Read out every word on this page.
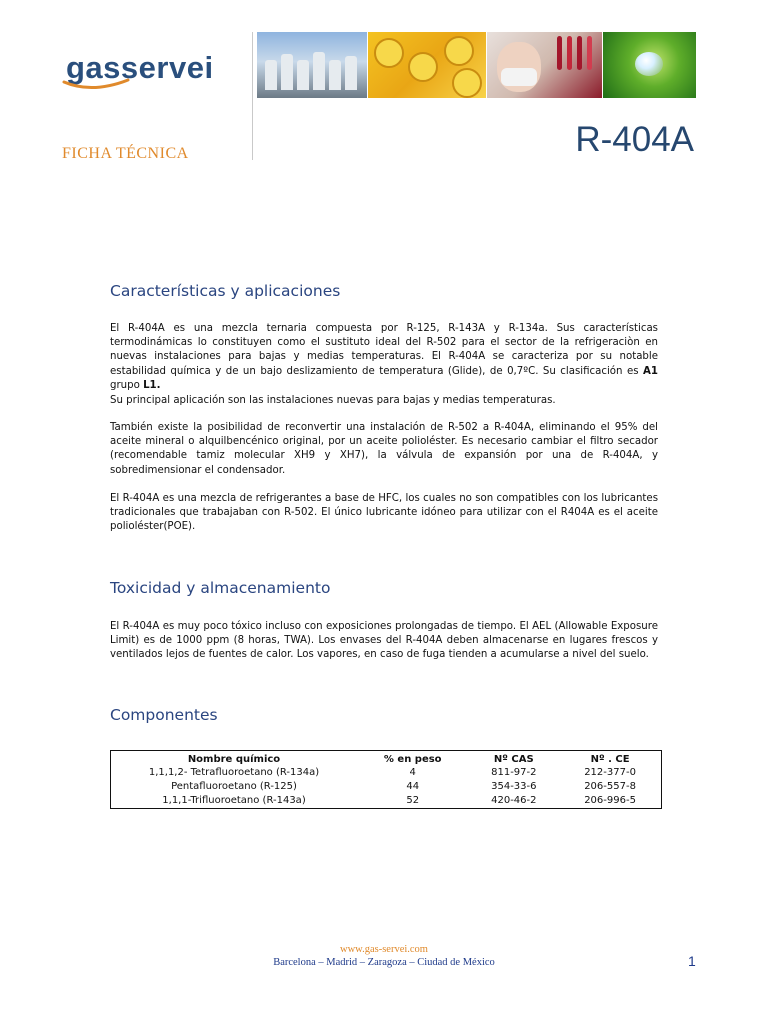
gasservei
FICHA TÉCNICA	R-404A
Características y aplicaciones

El R-404A es una mezcla ternaria compuesta por R-125, R-143A y R-134a. Sus características termodinámicas lo constituyen como el sustituto ideal del R-502 para el sector de la refrigeraciòn en nuevas instalaciones para bajas y medias temperaturas. El R-404A se caracteriza por su notable estabilidad química y de un bajo deslizamiento de temperatura (Glide), de 0,7ºC. Su clasificación es A1 grupo L1.

Su principal aplicación son las instalaciones nuevas para bajas y medias temperaturas.

También existe la posibilidad de reconvertir una instalación de R-502 a R-404A, eliminando el 95% del aceite mineral o alquilbencénico original, por un aceite polioléster. Es necesario cambiar el filtro secador (recomendable tamiz molecular XH9 y XH7), la válvula de expansión por una de R-404A, y sobredimensionar el condensador.

El R-404A es una mezcla de refrigerantes a base de HFC, los cuales no son compatibles con los lubricantes tradicionales que trabajaban con R-502. El único lubricante idóneo para utilizar con el R404A es el aceite polioléster(POE).

Toxicidad y almacenamiento

El R-404A es muy poco tóxico incluso con exposiciones prolongadas de tiempo. El AEL (Allowable Exposure Limit) es de 1000 ppm (8 horas, TWA). Los envases del R-404A deben almacenarse en lugares frescos y ventilados lejos de fuentes de calor. Los vapores, en caso de fuga tienden a acumularse a nivel del suelo.

Componentes
Nombre químico	% en peso	Nº CAS	Nº . CE
1,1,1,2- Tetrafluoroetano (R-134a)	4	811-97-2	212-377-0
Pentafluoroetano (R-125)	44	354-33-6	206-557-8
1,1,1-Trifluoroetano (R-143a)	52	420-46-2	206-996-5
www.gas-servei.com
Barcelona – Madrid – Zaragoza – Ciudad de México	1
